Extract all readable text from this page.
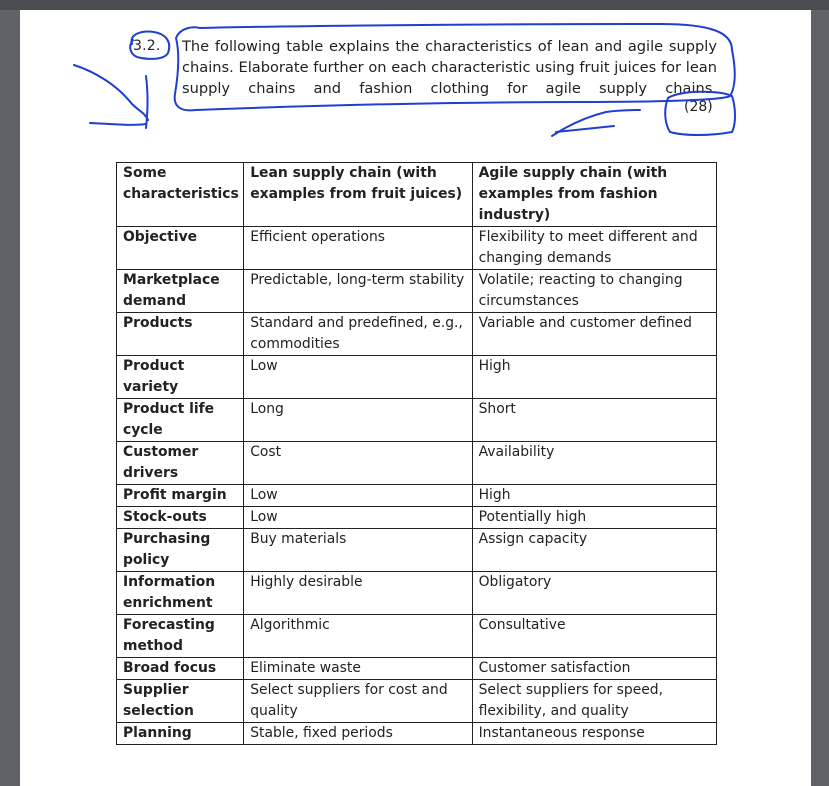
3.2. The following table explains the characteristics of lean and agile supply chains. Elaborate further on each characteristic using fruit juices for lean supply chains and fashion clothing for agile supply chains.
(28)
Some characteristics	Lean supply chain (with examples from fruit juices)	Agile supply chain (with examples from fashion industry)
Objective	Efficient operations	Flexibility to meet different and changing demands
Marketplace demand	Predictable, long-term stability	Volatile; reacting to changing circumstances
Products	Standard and predefined, e.g., commodities	Variable and customer defined
Product variety	Low	High
Product life cycle	Long	Short
Customer drivers	Cost	Availability
Profit margin	Low	High
Stock-outs	Low	Potentially high
Purchasing policy	Buy materials	Assign capacity
Information enrichment	Highly desirable	Obligatory
Forecasting method	Algorithmic	Consultative
Broad focus	Eliminate waste	Customer satisfaction
Supplier selection	Select suppliers for cost and quality	Select suppliers for speed, flexibility, and quality
Planning	Stable, fixed periods	Instantaneous response
